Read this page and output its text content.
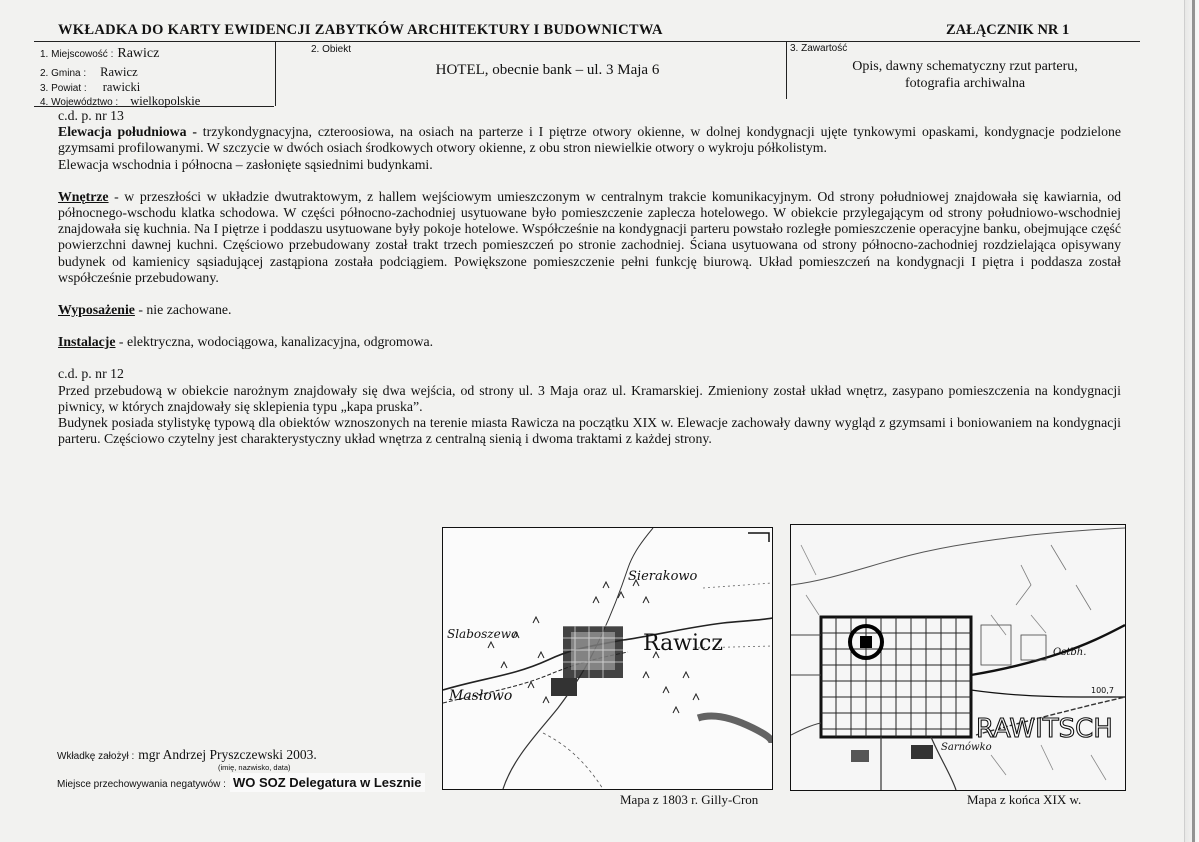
WKŁADKA DO KARTY EWIDENCJI ZABYTKÓW ARCHITEKTURY I BUDOWNICTWA	ZAŁĄCZNIK NR 1
1. Miejscowość : Rawicz
2. Gmina : Rawicz
3. Powiat : rawicki
4. Województwo : wielkopolskie
2. Obiekt
HOTEL, obecnie bank – ul. 3 Maja 6
3. Zawartość
Opis, dawny schematyczny rzut parteru,
fotografia archiwalna

c.d. p. nr 13

Elewacja południowa - trzykondygnacyjna, czteroosiowa, na osiach na parterze i I piętrze otwory okienne, w dolnej kondygnacji ujęte tynkowymi opaskami, kondygnacje podzielone gzymsami profilowanymi. W szczycie w dwóch osiach środkowych otwory okienne, z obu stron niewielkie otwory o wykroju półkolistym.

Elewacja wschodnia i północna – zasłonięte sąsiednimi budynkami.

Wnętrze - w przeszłości w układzie dwutraktowym, z hallem wejściowym umieszczonym w centralnym trakcie komunikacyjnym. Od strony południowej znajdowała się kawiarnia, od północnego-wschodu klatka schodowa. W części północno-zachodniej usytuowane było pomieszczenie zaplecza hotelowego. W obiekcie przylegającym od strony południowo-wschodniej znajdowała się kuchnia. Na I piętrze i poddaszu usytuowane były pokoje hotelowe. Współcześnie na kondygnacji parteru powstało rozległe pomieszczenie operacyjne banku, obejmujące część powierzchni dawnej kuchni. Częściowo przebudowany został trakt trzech pomieszczeń po stronie zachodniej. Ściana usytuowana od strony północno-zachodniej rozdzielająca opisywany budynek od kamienicy sąsiadującej zastąpiona została podciągiem. Powiększone pomieszczenie pełni funkcję biurową. Układ pomieszczeń na kondygnacji I piętra i poddasza został współcześnie przebudowany.

Wyposażenie - nie zachowane.

Instalacje - elektryczna, wodociągowa, kanalizacyjna, odgromowa.

c.d. p. nr 12

Przed przebudową w obiekcie narożnym znajdowały się dwa wejścia, od strony ul. 3 Maja oraz ul. Kramarskiej. Zmieniony został układ wnętrz, zasypano pomieszczenia na kondygnacji piwnicy, w których znajdowały się sklepienia typu „kapa pruska”.

Budynek posiada stylistykę typową dla obiektów wznoszonych na terenie miasta Rawicza na początku XIX w. Elewacje zachowały dawny wygląd z gzymsami i boniowaniem na kondygnacji parteru. Częściowo czytelny jest charakterystyczny układ wnętrza z centralną sienią i dwoma traktami z każdej strony.

Rawicz
Sierakowo
Slaboszewo
Masłowo
Mapa z 1803 r. Gilly-Cron
RAWITSCH
Sarnówko
Ostbh.
100,7
Mapa z końca XIX w.
Wkładkę założył : mgr Andrzej Pryszczewski 2003.
(imię, nazwisko, data)
Miejsce przechowywania negatywów : WO SOZ Delegatura w Lesznie
